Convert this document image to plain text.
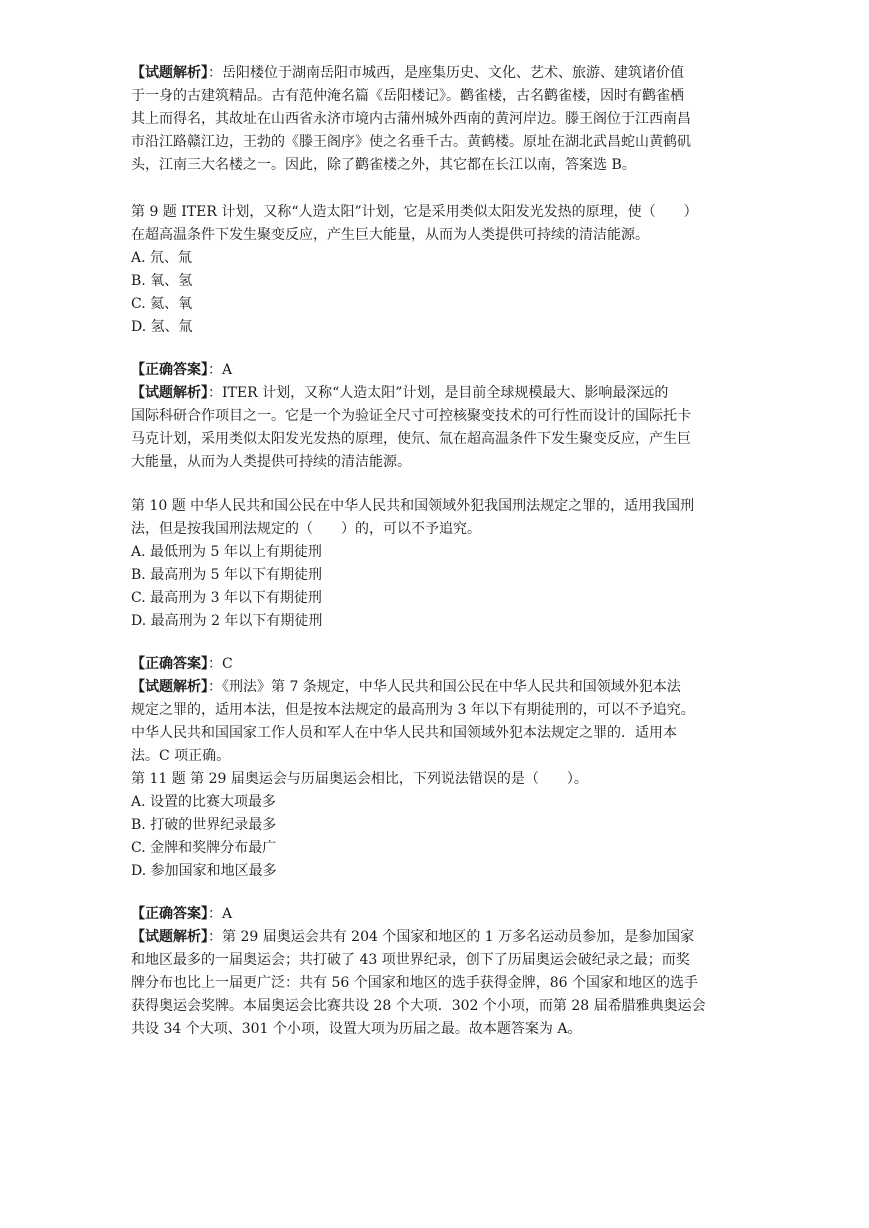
【试题解析】：岳阳楼位于湖南岳阳市城西，是座集历史、文化、艺术、旅游、建筑诸价值
于一身的古建筑精品。古有范仲淹名篇《岳阳楼记》。鹳雀楼，古名鹳雀楼，因时有鹳雀栖
其上而得名，其故址在山西省永济市境内古蒲州城外西南的黄河岸边。滕王阁位于江西南昌
市沿江路赣江边，王勃的《滕王阁序》使之名垂千古。黄鹤楼。原址在湖北武昌蛇山黄鹤矶
头，江南三大名楼之一。因此，除了鹳雀楼之外，其它都在长江以南，答案选 B。
第 9 题 ITER 计划，又称“人造太阳”计划，它是采用类似太阳发光发热的原理，使（　　）
在超高温条件下发生聚变反应，产生巨大能量，从而为人类提供可持续的清洁能源。
A. 氘、氚
B. 氧、氢
C. 氦、氧
D. 氢、氚
【正确答案】：A
【试题解析】：ITER 计划，又称“人造太阳”计划，是目前全球规模最大、影响最深远的
国际科研合作项目之一。它是一个为验证全尺寸可控核聚变技术的可行性而设计的国际托卡
马克计划，采用类似太阳发光发热的原理，使氘、氚在超高温条件下发生聚变反应，产生巨
大能量，从而为人类提供可持续的清洁能源。
第 10 题 中华人民共和国公民在中华人民共和国领域外犯我国刑法规定之罪的，适用我国刑
法，但是按我国刑法规定的（　　）的，可以不予追究。
A. 最低刑为 5 年以上有期徒刑
B. 最高刑为 5 年以下有期徒刑
C. 最高刑为 3 年以下有期徒刑
D. 最高刑为 2 年以下有期徒刑
【正确答案】：C
【试题解析】：《刑法》第 7 条规定，中华人民共和国公民在中华人民共和国领域外犯本法
规定之罪的，适用本法，但是按本法规定的最高刑为 3 年以下有期徒刑的，可以不予追究。
中华人民共和国国家工作人员和军人在中华人民共和国领域外犯本法规定之罪的．适用本
法。C 项正确。
第 11 题 第 29 届奥运会与历届奥运会相比，下列说法错误的是（　　）。
A. 设置的比赛大项最多
B. 打破的世界纪录最多
C. 金牌和奖牌分布最广
D. 参加国家和地区最多
【正确答案】：A
【试题解析】：第 29 届奥运会共有 204 个国家和地区的 1 万多名运动员参加，是参加国家
和地区最多的一届奥运会；共打破了 43 项世界纪录，创下了历届奥运会破纪录之最；而奖
牌分布也比上一届更广泛：共有 56 个国家和地区的选手获得金牌，86 个国家和地区的选手
获得奥运会奖牌。本届奥运会比赛共设 28 个大项．302 个小项，而第 28 届希腊雅典奥运会
共设 34 个大项、301 个小项，设置大项为历届之最。故本题答案为 A。
